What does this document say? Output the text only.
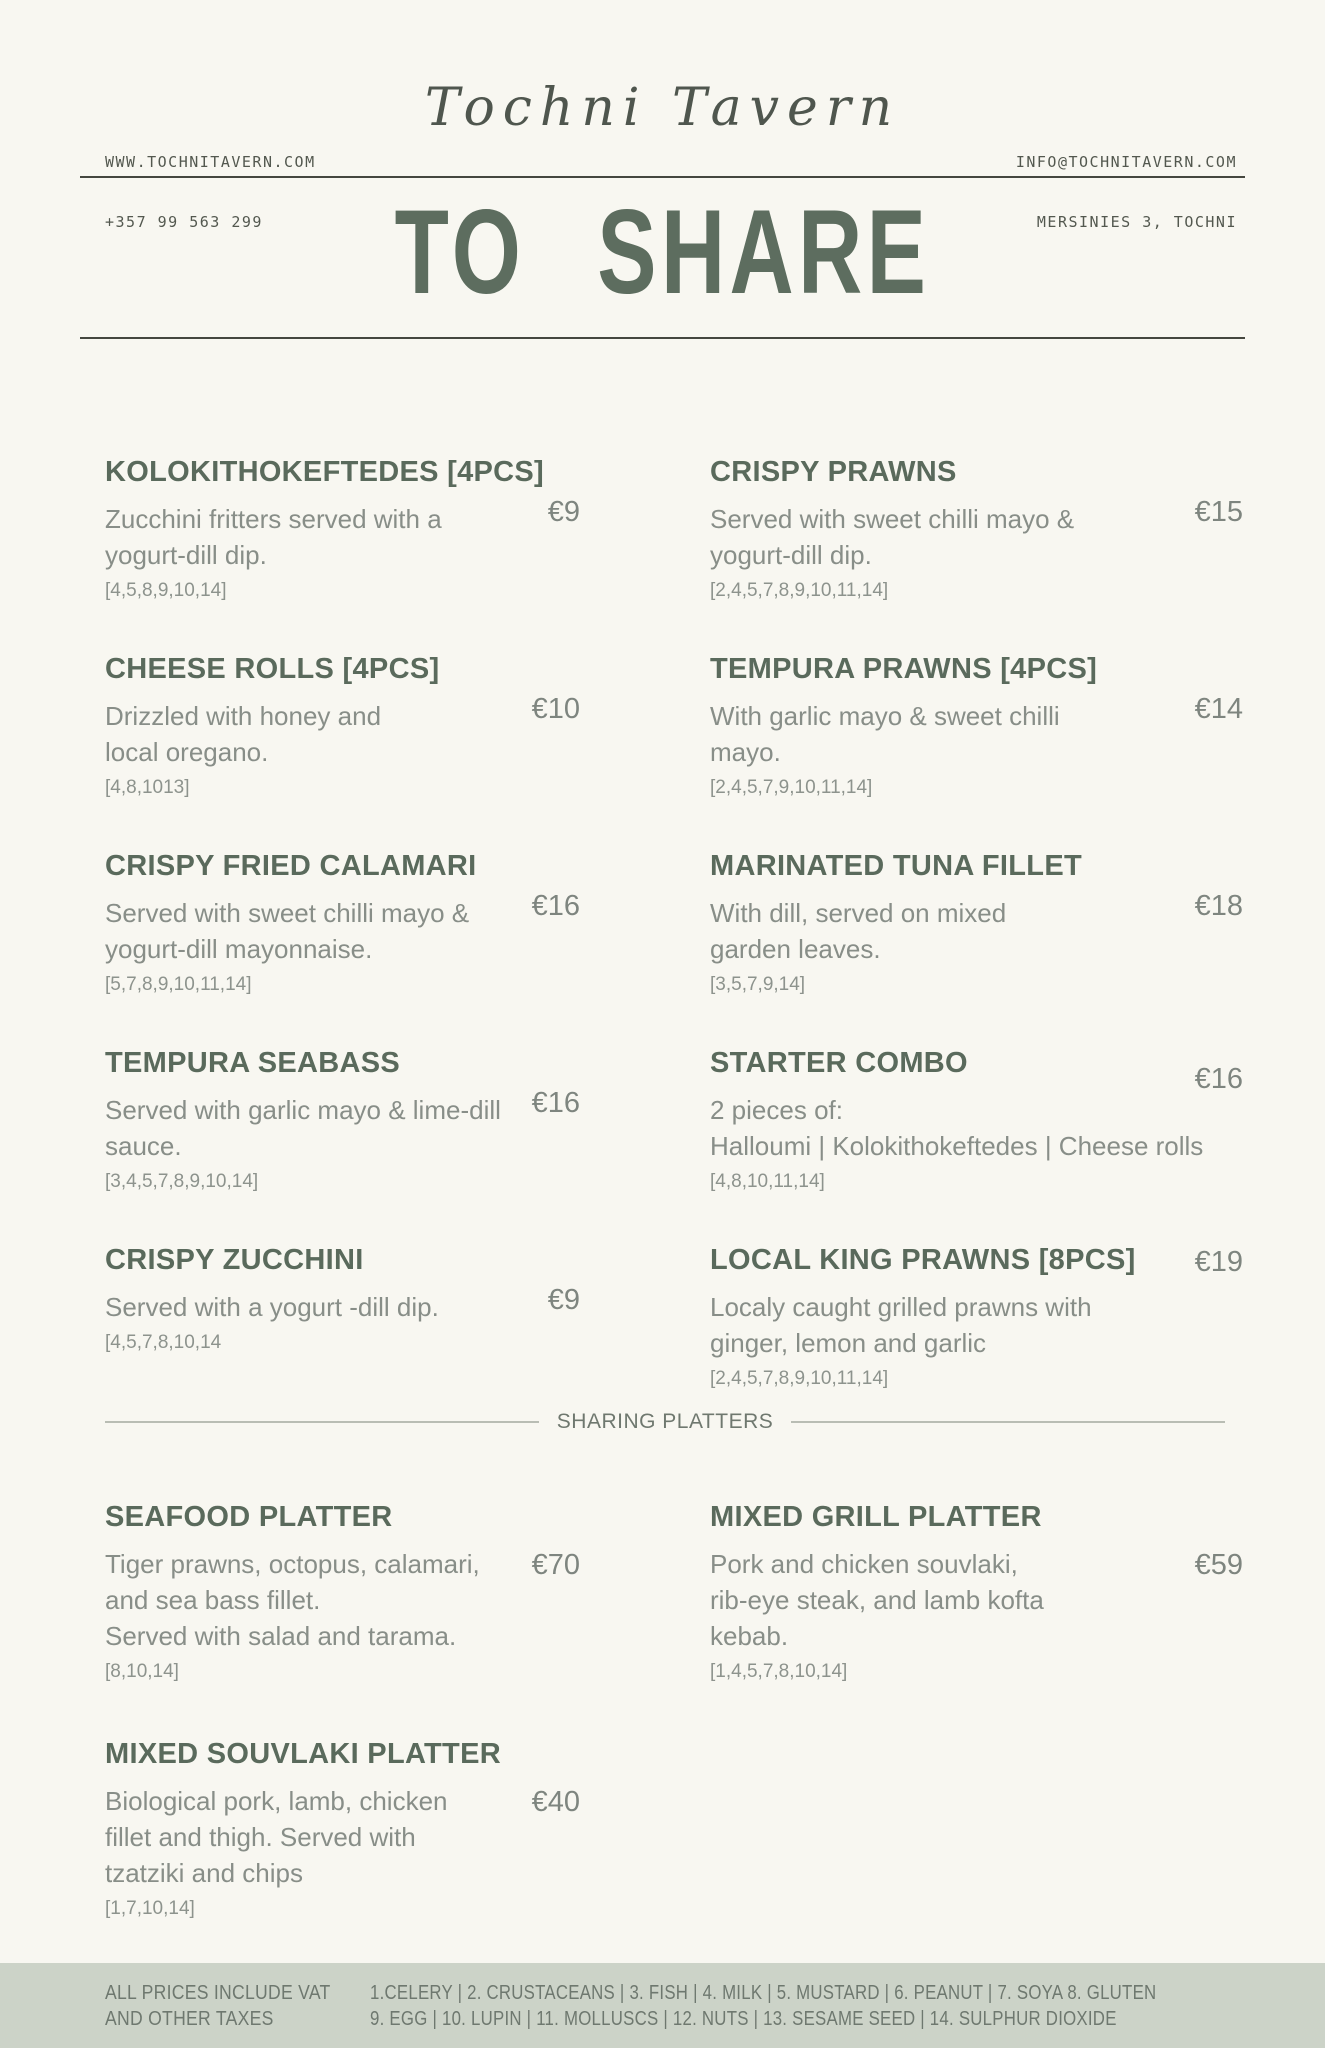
WWW.TOCHNITAVERN.COM

+357 99 563 299

Tochni Tavern

INFO@TOCHNITAVERN.COM

MERSINIES 3, TOCHNI

TO SHARE
KOLOKITHOKEFTEDES [4PCS]
Zucchini fritters served with a
yogurt-dill dip.
[4,5,8,9,10,14]
€9
CHEESE ROLLS [4PCS]
Drizzled with honey and
local oregano.
[4,8,1013]
€10
CRISPY FRIED CALAMARI
Served with sweet chilli mayo &
yogurt-dill mayonnaise.
[5,7,8,9,10,11,14]
€16
TEMPURA SEABASS
Served with garlic mayo & lime-dill
sauce.
[3,4,5,7,8,9,10,14]
€16
CRISPY ZUCCHINI
Served with a yogurt -dill dip.
[4,5,7,8,10,14
€9
CRISPY PRAWNS
Served with sweet chilli mayo &
yogurt-dill dip.
[2,4,5,7,8,9,10,11,14]
€15
TEMPURA PRAWNS [4PCS]
With garlic mayo & sweet chilli
mayo.
[2,4,5,7,9,10,11,14]
€14
MARINATED TUNA FILLET
With dill, served on mixed
garden leaves.
[3,5,7,9,14]
€18
STARTER COMBO
2 pieces of:
Halloumi | Kolokithokeftedes | Cheese rolls
[4,8,10,11,14]
€16
LOCAL KING PRAWNS [8PCS]
Localy caught grilled prawns with
ginger, lemon and garlic
[2,4,5,7,8,9,10,11,14]
€19
SHARING PLATTERS
SEAFOOD PLATTER
Tiger prawns, octopus, calamari,
and sea bass fillet.
Served with salad and tarama.
[8,10,14]
€70
MIXED SOUVLAKI PLATTER
Biological pork, lamb, chicken
fillet and thigh. Served with
tzatziki and chips
[1,7,10,14]
€40
MIXED GRILL PLATTER
Pork and chicken souvlaki,
rib-eye steak, and lamb kofta
kebab.
[1,4,5,7,8,10,14]
€59
ALL PRICES INCLUDE VAT
AND OTHER TAXES
1.CELERY | 2. CRUSTACEANS | 3. FISH | 4. MILK | 5. MUSTARD | 6. PEANUT | 7. SOYA 8. GLUTEN
9. EGG | 10. LUPIN | 11. MOLLUSCS | 12. NUTS | 13. SESAME SEED | 14. SULPHUR DIOXIDE
